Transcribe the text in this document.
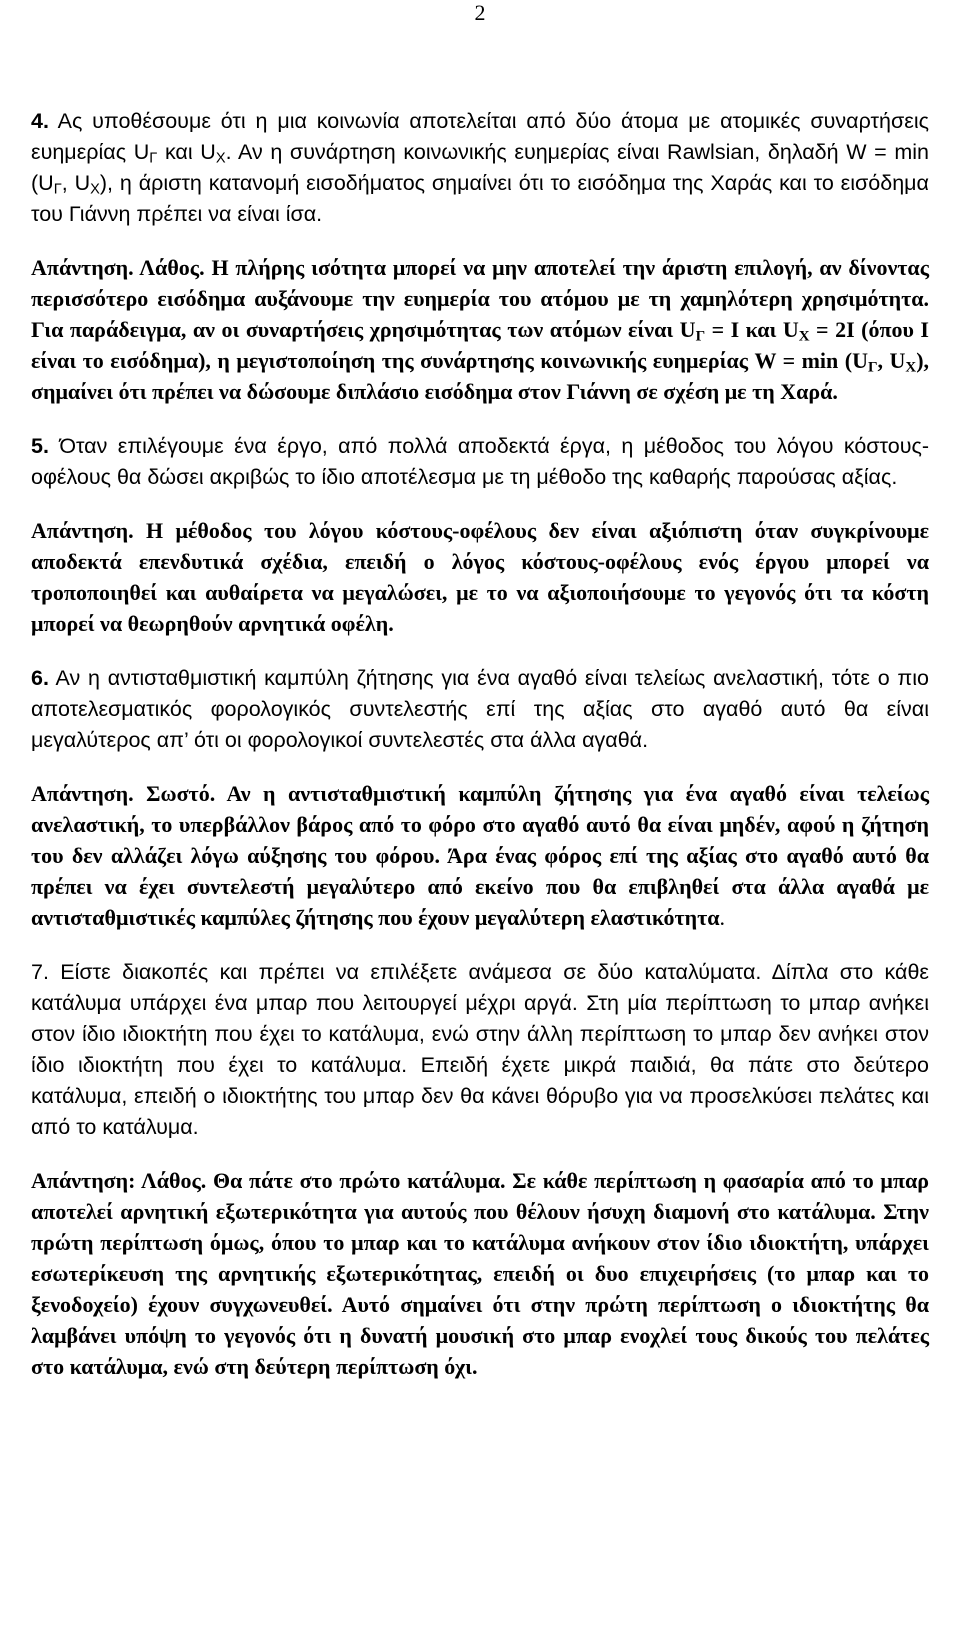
2

4. Ας υποθέσουμε ότι η μια κοινωνία αποτελείται από δύο άτομα με ατομικές συναρτήσεις ευημερίας $U_\Gamma$ και $U_X$. Αν η συνάρτηση κοινωνικής ευημερίας είναι Rawlsian, δηλαδή $W = \min (U_\Gamma$, $U_X$), η άριστη κατανομή εισοδήματος σημαίνει ότι το εισόδημα της Χαράς και το εισόδημα του Γιάννη πρέπει να είναι ίσα.

Απάντηση. Λάθος. Η πλήρης ισότητα μπορεί να μην αποτελεί την άριστη επιλογή, αν δίνοντας περισσότερο εισόδημα αυξάνουμε την ευημερία του ατόμου με τη χαμηλότερη χρησιμότητα. Για παράδειγμα, αν οι συναρτήσεις χρησιμότητας των ατόμων είναι $U_\Gamma = I$ και $U_X = 2I$ (όπου I είναι το εισόδημα), η μεγιστοποίηση της συνάρτησης κοινωνικής ευημερίας $W = \min (U_\Gamma$, $U_X$), σημαίνει ότι πρέπει να δώσουμε διπλάσιο εισόδημα στον Γιάννη σε σχέση με τη Χαρά.

5. Όταν επιλέγουμε ένα έργο, από πολλά αποδεκτά έργα, η μέθοδος του λόγου κόστους-οφέλους θα δώσει ακριβώς το ίδιο αποτέλεσμα με τη μέθοδο της καθαρής παρούσας αξίας.

Απάντηση. Η μέθοδος του λόγου κόστους-οφέλους δεν είναι αξιόπιστη όταν συγκρίνουμε αποδεκτά επενδυτικά σχέδια, επειδή ο λόγος κόστους-οφέλους ενός έργου μπορεί να τροποποιηθεί και αυθαίρετα να μεγαλώσει, με το να αξιοποιήσουμε το γεγονός ότι τα κόστη μπορεί να θεωρηθούν αρνητικά οφέλη.

6. Αν η αντισταθμιστική καμπύλη ζήτησης για ένα αγαθό είναι τελείως ανελαστική, τότε ο πιο αποτελεσματικός φορολογικός συντελεστής επί της αξίας στο αγαθό αυτό θα είναι μεγαλύτερος απ’ ότι οι φορολογικοί συντελεστές στα άλλα αγαθά.

Απάντηση. Σωστό. Αν η αντισταθμιστική καμπύλη ζήτησης για ένα αγαθό είναι τελείως ανελαστική, το υπερβάλλον βάρος από το φόρο στο αγαθό αυτό θα είναι μηδέν, αφού η ζήτηση του δεν αλλάζει λόγω αύξησης του φόρου. Άρα ένας φόρος επί της αξίας στο αγαθό αυτό θα πρέπει να έχει συντελεστή μεγαλύτερο από εκείνο που θα επιβληθεί στα άλλα αγαθά με αντισταθμιστικές καμπύλες ζήτησης που έχουν μεγαλύτερη ελαστικότητα.

7. Είστε διακοπές και πρέπει να επιλέξετε ανάμεσα σε δύο καταλύματα. Δίπλα στο κάθε κατάλυμα υπάρχει ένα μπαρ που λειτουργεί μέχρι αργά. Στη μία περίπτωση το μπαρ ανήκει στον ίδιο ιδιοκτήτη που έχει το κατάλυμα, ενώ στην άλλη περίπτωση το μπαρ δεν ανήκει στον ίδιο ιδιοκτήτη που έχει το κατάλυμα. Επειδή έχετε μικρά παιδιά, θα πάτε στο δεύτερο κατάλυμα, επειδή ο ιδιοκτήτης του μπαρ δεν θα κάνει θόρυβο για να προσελκύσει πελάτες και από το κατάλυμα.

Απάντηση: Λάθος. Θα πάτε στο πρώτο κατάλυμα. Σε κάθε περίπτωση η φασαρία από το μπαρ αποτελεί αρνητική εξωτερικότητα για αυτούς που θέλουν ήσυχη διαμονή στο κατάλυμα. Στην πρώτη περίπτωση όμως, όπου το μπαρ και το κατάλυμα ανήκουν στον ίδιο ιδιοκτήτη, υπάρχει εσωτερίκευση της αρνητικής εξωτερικότητας, επειδή οι δυο επιχειρήσεις (το μπαρ και το ξενοδοχείο) έχουν συγχωνευθεί. Αυτό σημαίνει ότι στην πρώτη περίπτωση ο ιδιοκτήτης θα λαμβάνει υπόψη το γεγονός ότι η δυνατή μουσική στο μπαρ ενοχλεί τους δικούς του πελάτες στο κατάλυμα, ενώ στη δεύτερη περίπτωση όχι.
